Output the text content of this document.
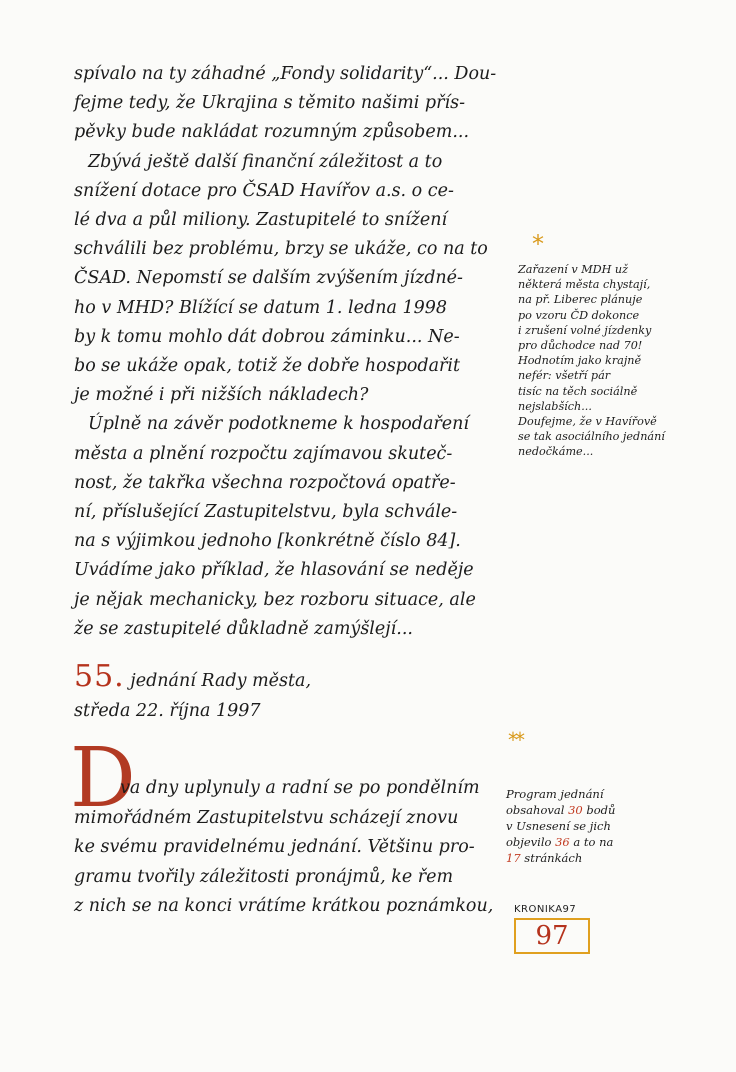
spívalo na ty záhadné „Fondy solidarity“... Dou-
fejme tedy, že Ukrajina s těmito našimi přís-
pěvky bude nakládat rozumným způsobem...
Zbývá ještě další finanční záležitost a to
snížení dotace pro ČSAD Havířov a.s. o ce-
lé dva a půl miliony. Zastupitelé to snížení
schválili bez problému, brzy se ukáže, co na to
ČSAD. Nepomstí se dalším zvýšením jízdné-
ho v MHD? Blížící se datum 1. ledna 1998
by k tomu mohlo dát dobrou záminku... Ne-
bo se ukáže opak, totiž že dobře hospodařit
je možné i při nižších nákladech?
Úplně na závěr podotkneme k hospodaření
města a plnění rozpočtu zajímavou skuteč-
nost, že takřka všechna rozpočtová opatře-
ní, příslušející Zastupitelstvu, byla schvále-
na s výjimkou jednoho [konkrétně číslo 84].
Uvádíme jako příklad, že hlasování se neděje
je nějak mechanicky, bez rozboru situace, ale
že se zastupitelé důkladně zamýšlejí...
*
Zařazení v MDH už
některá města chystají,
na př. Liberec plánuje
po vzoru ČD dokonce
i zrušení volné jízdenky
pro důchodce nad 70!
Hodnotím jako krajně
nefér: všetří pár
tisíc na těch sociálně
nejslabších...
Doufejme, že v Havířově
se tak asociálního jednání
nedočkáme...
55. jednání Rady města,
středa 22. října 1997
**
D
va dny uplynuly a radní se po pondělním
mimořádném Zastupitelstvu scházejí znovu
ke svému pravidelnému jednání. Většinu pro-
gramu tvořily záležitosti pronájmů, ke řem
z nich se na konci vrátíme krátkou poznámkou,
Program jednání
obsahoval 30 bodů
v Usnesení se jich
objevilo 36 a to na
17 stránkách
KRONIKA97
97
